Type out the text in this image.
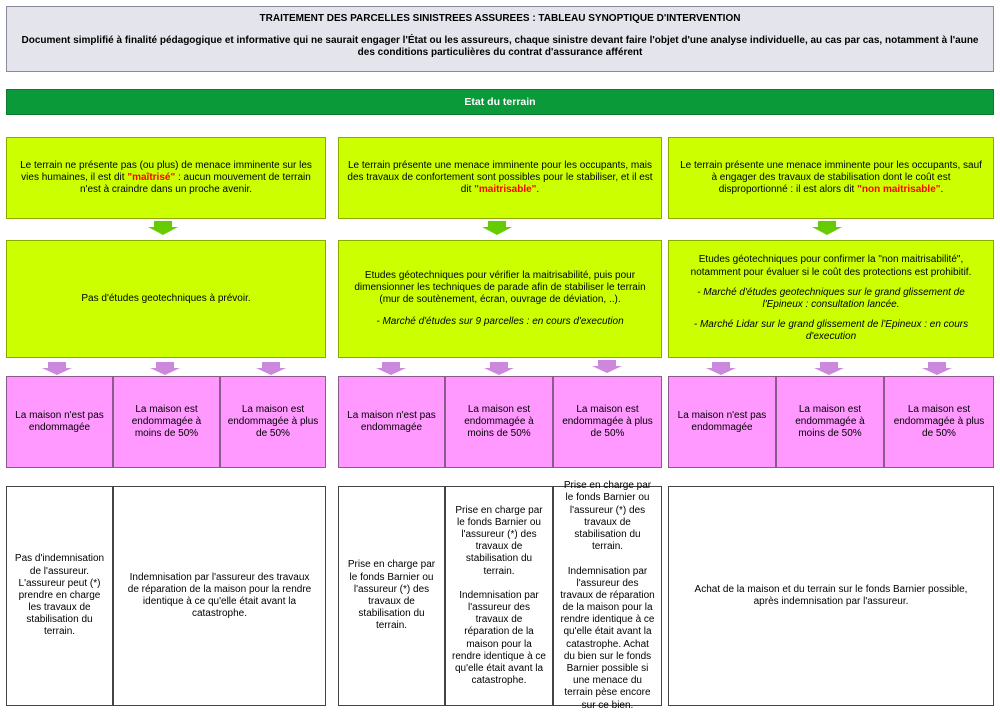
TRAITEMENT DES PARCELLES SINISTREES ASSUREES : TABLEAU SYNOPTIQUE D'INTERVENTION
Document simplifié à finalité pédagogique et informative qui ne saurait engager l'État ou les assureurs, chaque sinistre devant faire l'objet d'une analyse individuelle, au cas par cas, notamment à l'aune des conditions particulières du contrat d'assurance afférent
Etat du terrain

Le terrain ne présente pas (ou plus) de menace imminente sur les vies humaines, il est dit "maîtrisé" : aucun mouvement de terrain n'est à craindre dans un proche avenir.

Le terrain présente une menace imminente pour les occupants, mais des travaux de confortement sont possibles pour le stabiliser, et il est dit "maitrisable".

Le terrain présente une menace imminente pour les occupants, sauf à engager des travaux de stabilisation dont le coût est disproportionné : il est alors dit "non maitrisable".

Pas d'études geotechniques à prévoir.

Etudes géotechniques pour vérifier la maitrisabilité, puis pour dimensionner les techniques de parade afin de stabiliser le terrain (mur de soutènement, écran, ouvrage de déviation, ..).

- Marché d'études sur 9 parcelles : en cours d'execution

Etudes géotechniques pour confirmer la "non maitrisabilité", notamment pour évaluer si le coût des protections est prohibitif.

- Marché d'études geotechniques sur le grand glissement de l'Epineux : consultation lancée.

- Marché Lidar sur le grand glissement de l'Epineux : en cours d'execution

La maison n'est pas endommagée

La maison est endommagée à moins de 50%

La maison est endommagée à plus de 50%

La maison n'est pas endommagée

La maison est endommagée à moins de 50%

La maison est endommagée à plus de 50%

La maison n'est pas endommagée

La maison est endommagée à moins de 50%

La maison est endommagée à plus de 50%

Pas d'indemnisation de l'assureur. L'assureur peut (*) prendre en charge les travaux de stabilisation du terrain.

Indemnisation par l'assureur des travaux de réparation de la maison pour la rendre identique à ce qu'elle était avant la catastrophe.

Prise en charge par le fonds Barnier ou l'assureur (*) des travaux de stabilisation du terrain.

Prise en charge par le fonds Barnier ou l'assureur (*) des travaux de stabilisation du terrain.

Indemnisation par l'assureur des travaux de réparation de la maison pour la rendre identique à ce qu'elle était avant la catastrophe.

Prise en charge par le fonds Barnier ou l'assureur (*) des travaux de stabilisation du terrain.

Indemnisation par l'assureur des travaux de réparation de la maison pour la rendre identique à ce qu'elle était avant la catastrophe. Achat du bien sur le fonds Barnier possible si une menace du terrain pèse encore sur ce bien.

Achat de la maison et du terrain sur le fonds Barnier possible, après indemnisation par l'assureur.
